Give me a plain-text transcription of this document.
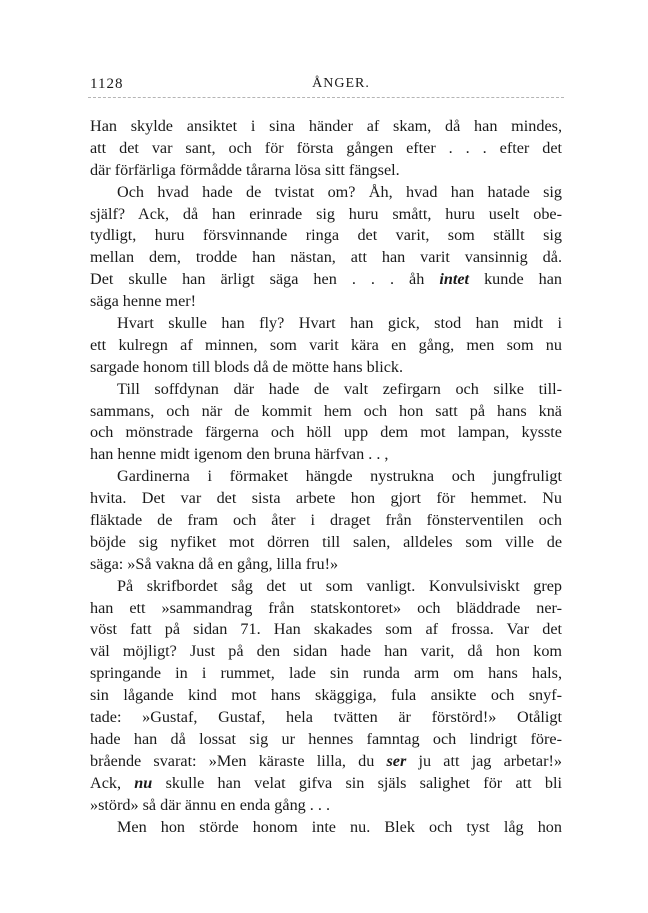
1128	ÅNGER.
Han skylde ansiktet i sina händer af skam, då han mindes,
att det var sant, och för första gången efter . . . efter det
där förfärliga förmådde tårarna lösa sitt fängsel.
Och hvad hade de tvistat om? Åh, hvad han hatade sig
själf? Ack, då han erinrade sig huru smått, huru uselt obe-
tydligt, huru försvinnande ringa det varit, som ställt sig
mellan dem, trodde han nästan, att han varit vansinnig då.
Det skulle han ärligt säga hen . . . åh intet kunde han
säga henne mer!
Hvart skulle han fly? Hvart han gick, stod han midt i
ett kulregn af minnen, som varit kära en gång, men som nu
sargade honom till blods då de mötte hans blick.
Till soffdynan där hade de valt zefirgarn och silke till-
sammans, och när de kommit hem och hon satt på hans knä
och mönstrade färgerna och höll upp dem mot lampan, kysste
han henne midt igenom den bruna härfvan . . ,
Gardinerna i förmaket hängde nystrukna och jungfruligt
hvita. Det var det sista arbete hon gjort för hemmet. Nu
fläktade de fram och åter i draget från fönsterventilen och
böjde sig nyfiket mot dörren till salen, alldeles som ville de
säga: »Så vakna då en gång, lilla fru!»
På skrifbordet såg det ut som vanligt. Konvulsiviskt grep
han ett »sammandrag från statskontoret» och bläddrade ner-
vöst fatt på sidan 71. Han skakades som af frossa. Var det
väl möjligt? Just på den sidan hade han varit, då hon kom
springande in i rummet, lade sin runda arm om hans hals,
sin lågande kind mot hans skäggiga, fula ansikte och snyf-
tade: »Gustaf, Gustaf, hela tvätten är förstörd!» Otåligt
hade han då lossat sig ur hennes famntag och lindrigt före-
brående svarat: »Men käraste lilla, du ser ju att jag arbetar!»
Ack, nu skulle han velat gifva sin själs salighet för att bli
»störd» så där ännu en enda gång . . .
Men hon störde honom inte nu. Blek och tyst låg hon
